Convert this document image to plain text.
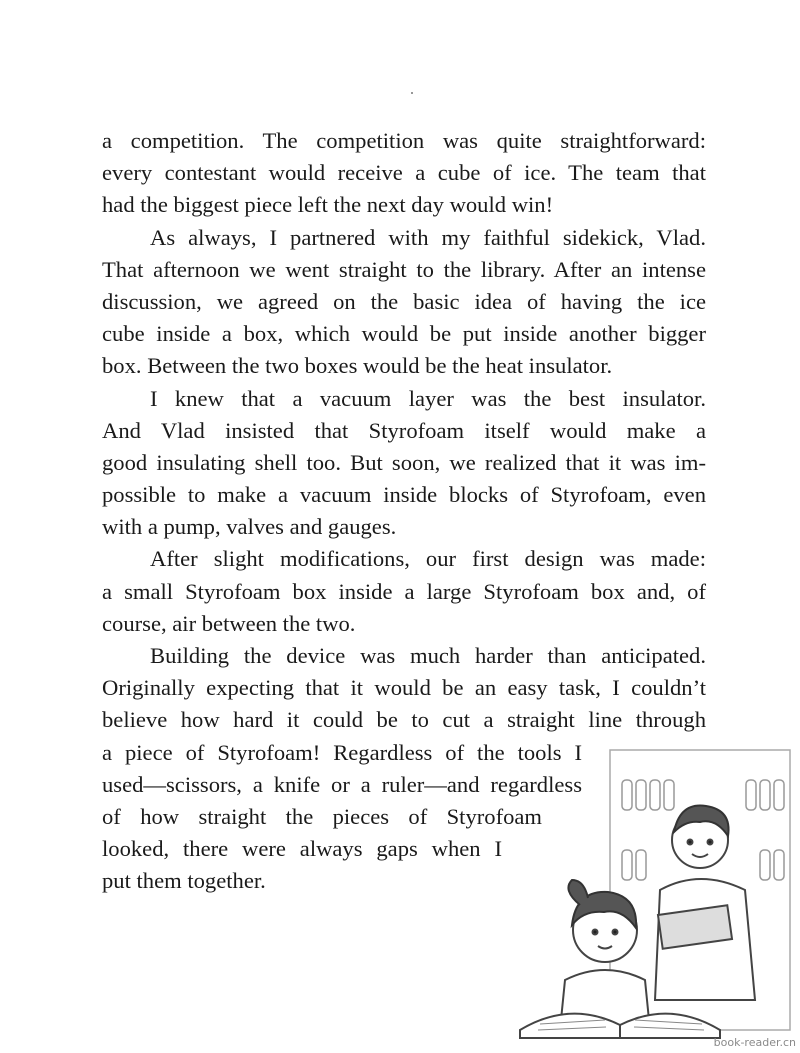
a competition. The competition was quite straightforward:
every contestant would receive a cube of ice. The team that
had the biggest piece left the next day would win!
As always, I partnered with my faithful sidekick, Vlad.
That afternoon we went straight to the library. After an intense
discussion, we agreed on the basic idea of having the ice
cube inside a box, which would be put inside another bigger
box. Between the two boxes would be the heat insulator.
I knew that a vacuum layer was the best insulator.
And Vlad insisted that Styrofoam itself would make a
good insulating shell too. But soon, we realized that it was im-
possible to make a vacuum inside blocks of Styrofoam, even
with a pump, valves and gauges.
After slight modifications, our first design was made:
a small Styrofoam box inside a large Styrofoam box and, of
course, air between the two.
Building the device was much harder than anticipated.
Originally expecting that it would be an easy task, I couldn’t
believe how hard it could be to cut a straight line through
a piece of Styrofoam! Regardless of the tools I
used—scissors, a knife or a ruler—and regardless
of how straight the pieces of Styrofoam
looked, there were always gaps when I
put them together.
book-reader.cn
